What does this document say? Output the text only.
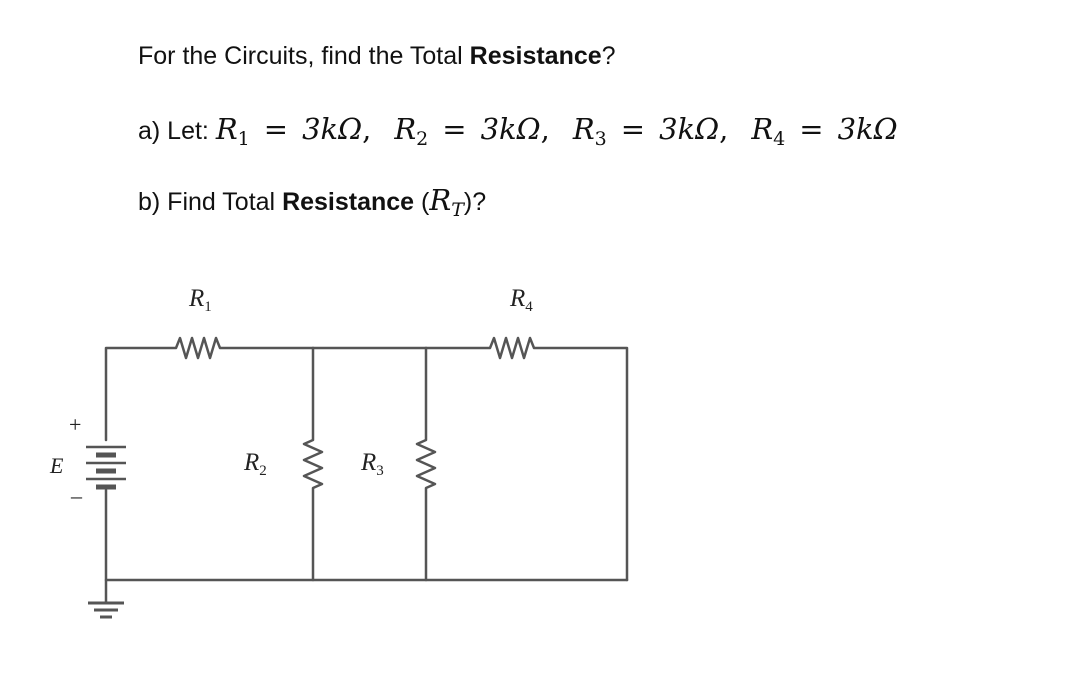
For the Circuits, find the Total Resistance?
a) Let: $R_1 = 3k\Omega$, $R_2 = 3k\Omega$, $R_3 = 3k\Omega$, $R_4 = 3k\Omega$
b) Find Total Resistance $(R_T)$?
+
–
E
$R_1$
$R_2$	$R_3$
$R_4$
